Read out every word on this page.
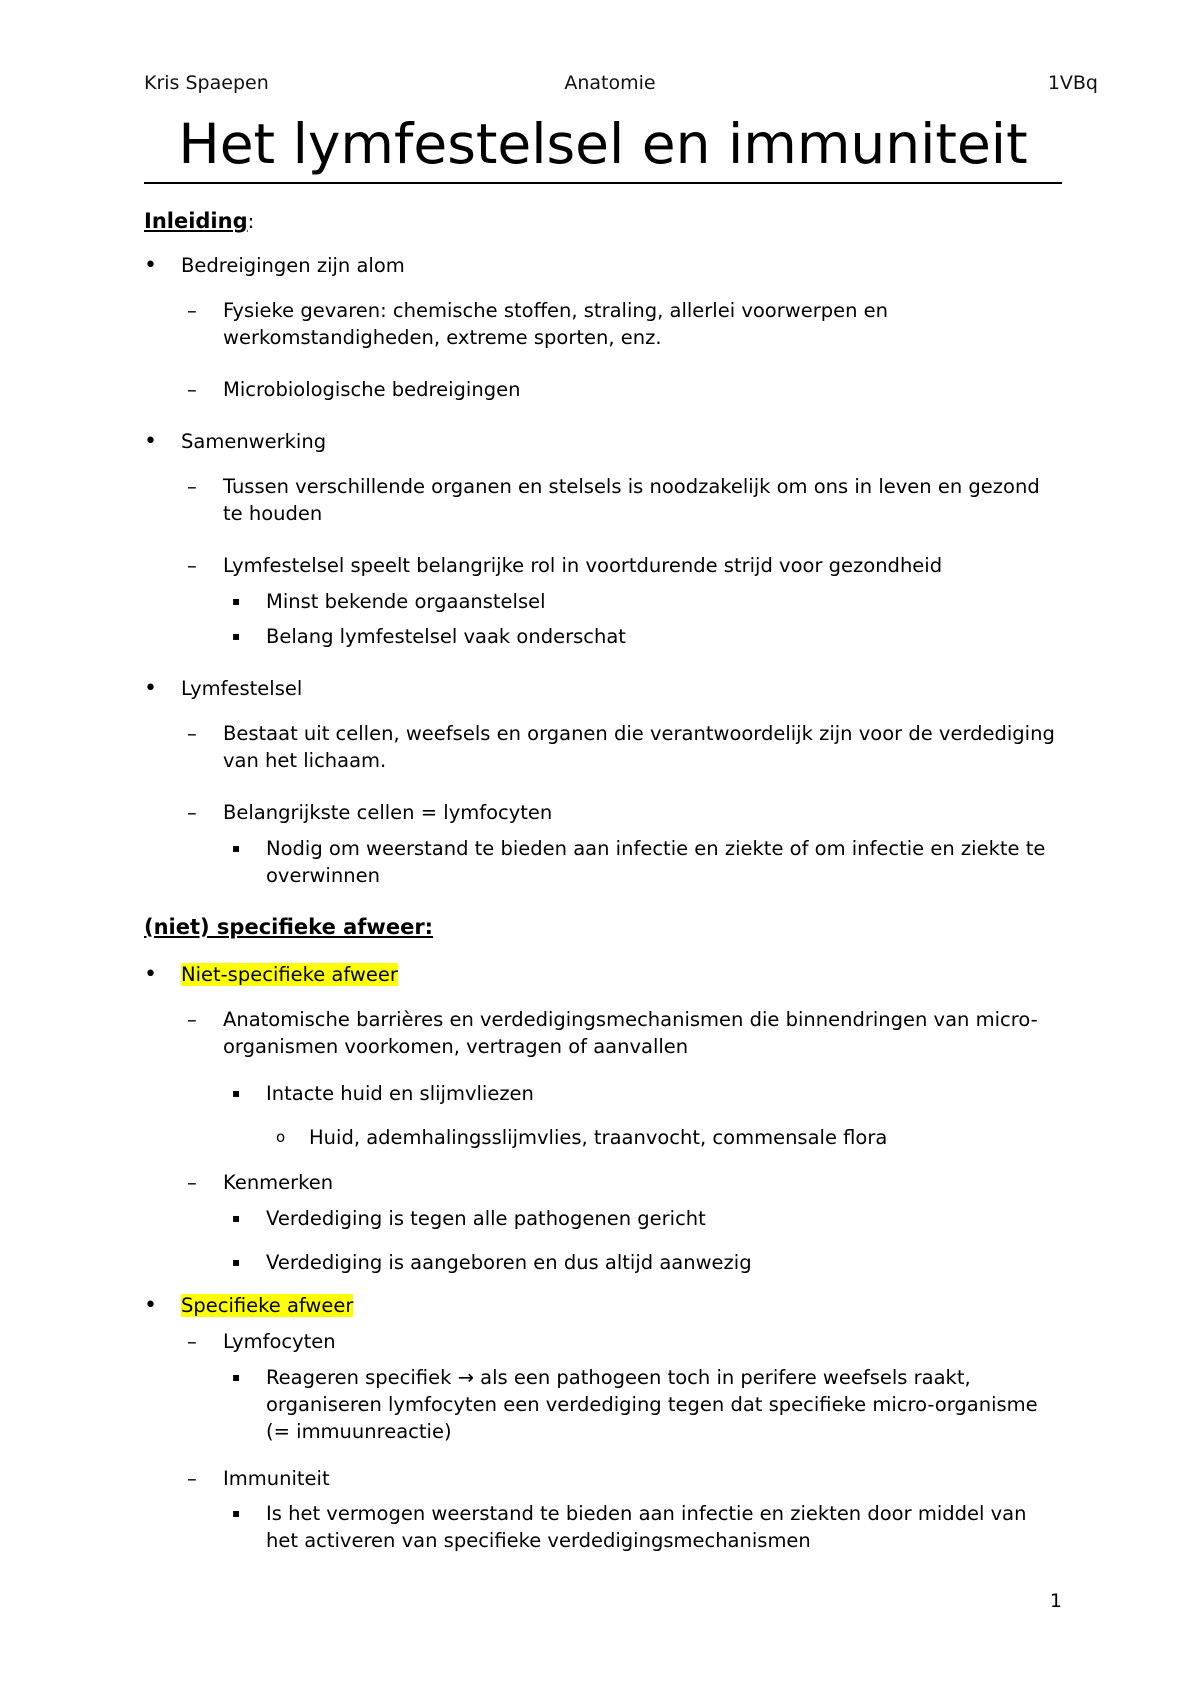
Kris Spaepen	Anatomie	1VBq
Het lymfestelsel en immuniteit
Inleiding:
• Bedreigingen zijn alom
– Fysieke gevaren: chemische stoffen, straling, allerlei voorwerpen en
werkomstandigheden, extreme sporten, enz.
– Microbiologische bedreigingen
• Samenwerking
– Tussen verschillende organen en stelsels is noodzakelijk om ons in leven en gezond
te houden
– Lymfestelsel speelt belangrijke rol in voortdurende strijd voor gezondheid
▪ Minst bekende orgaanstelsel
▪ Belang lymfestelsel vaak onderschat
• Lymfestelsel
– Bestaat uit cellen, weefsels en organen die verantwoordelijk zijn voor de verdediging
van het lichaam.
– Belangrijkste cellen = lymfocyten
▪ Nodig om weerstand te bieden aan infectie en ziekte of om infectie en ziekte te
overwinnen
(niet) specifieke afweer:
• Niet-specifieke afweer
– Anatomische barrières en verdedigingsmechanismen die binnendringen van micro-
organismen voorkomen, vertragen of aanvallen
▪ Intacte huid en slijmvliezen
o Huid, ademhalingsslijmvlies, traanvocht, commensale flora
– Kenmerken
▪ Verdediging is tegen alle pathogenen gericht
▪ Verdediging is aangeboren en dus altijd aanwezig
• Specifieke afweer
– Lymfocyten
▪ Reageren specifiek → als een pathogeen toch in perifere weefsels raakt,
organiseren lymfocyten een verdediging tegen dat specifieke micro-organisme
(= immuunreactie)
– Immuniteit
▪ Is het vermogen weerstand te bieden aan infectie en ziekten door middel van
het activeren van specifieke verdedigingsmechanismen
1
